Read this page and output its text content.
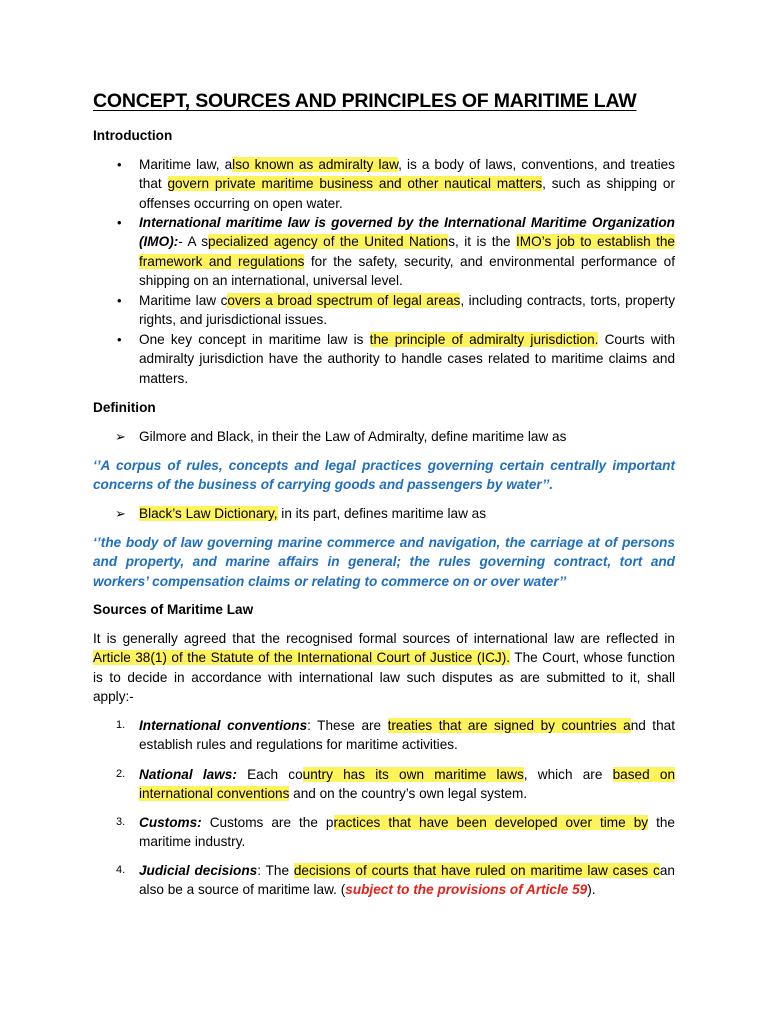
CONCEPT, SOURCES AND PRINCIPLES OF MARITIME LAW
Introduction
• Maritime law, also known as admiralty law, is a body of laws, conventions, and treaties that govern private maritime business and other nautical matters, such as shipping or offenses occurring on open water.

• International maritime law is governed by the International Maritime Organization (IMO):- A specialized agency of the United Nations, it is the IMO’s job to establish the framework and regulations for the safety, security, and environmental performance of shipping on an international, universal level.

• Maritime law covers a broad spectrum of legal areas, including contracts, torts, property rights, and jurisdictional issues.

• One key concept in maritime law is the principle of admiralty jurisdiction. Courts with admiralty jurisdiction have the authority to handle cases related to maritime claims and matters.

Definition
➢ Gilmore and Black, in their the Law of Admiralty, define maritime law as

‘’A corpus of rules, concepts and legal practices governing certain centrally important concerns of the business of carrying goods and passengers by water’’.

➢ Black’s Law Dictionary, in its part, defines maritime law as

‘’the body of law governing marine commerce and navigation, the carriage at of persons and property, and marine affairs in general; the rules governing contract, tort and workers’ compensation claims or relating to commerce on or over water’’

Sources of Maritime Law

It is generally agreed that the recognised formal sources of international law are reflected in Article 38(1) of the Statute of the International Court of Justice (ICJ). The Court, whose function is to decide in accordance with international law such disputes as are submitted to it, shall apply:-

1. International conventions: These are treaties that are signed by countries and that establish rules and regulations for maritime activities.

2. National laws: Each country has its own maritime laws, which are based on international conventions and on the country’s own legal system.

3. Customs: Customs are the practices that have been developed over time by the maritime industry.

4. Judicial decisions: The decisions of courts that have ruled on maritime law cases can also be a source of maritime law. (subject to the provisions of Article 59).
